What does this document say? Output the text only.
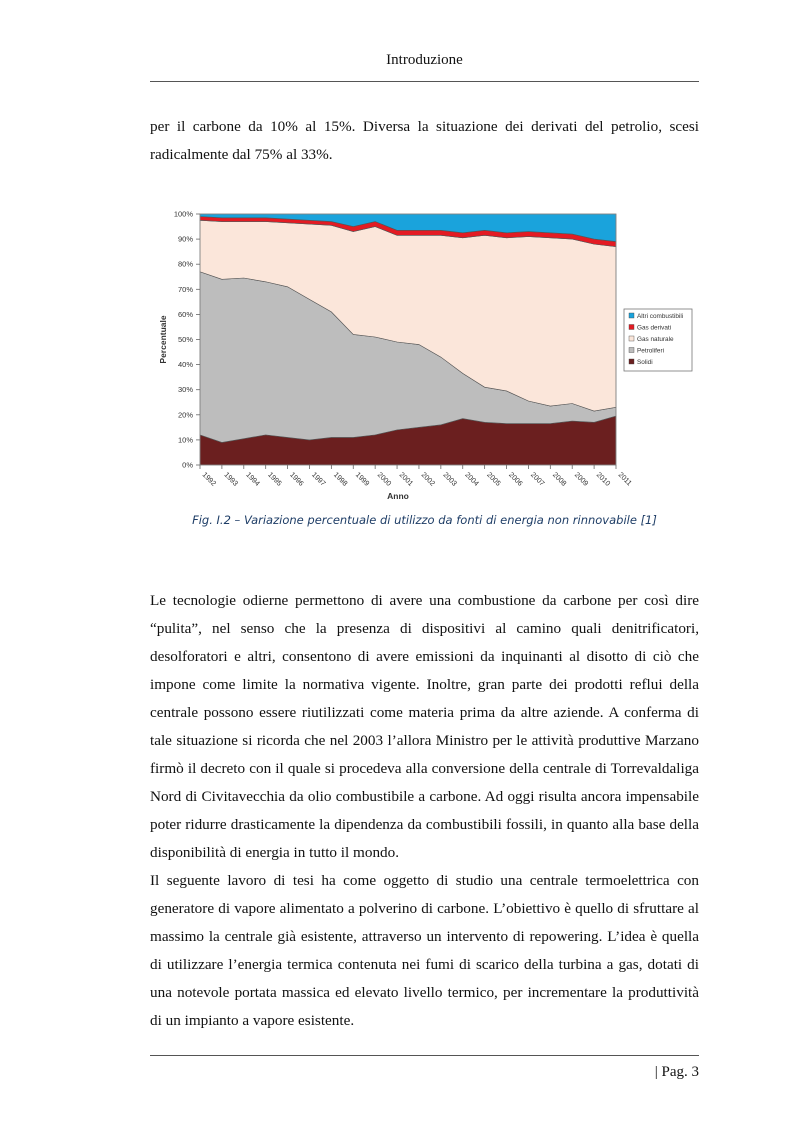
Introduzione

per il carbone da 10% al 15%. Diversa la situazione dei derivati del petrolio, scesi radicalmente dal 75% al 33%.

0%
10%
20%
30%
40%
50%
60%
70%
80%
90%
100%
1992 1993 1994 1995 1996 1997 1998 1999 2000 2001 2002 2003 2004 2005 2006 2007 2008 2009 2010 2011
Anno
Percentuale	Altri combustibili
Gas derivati
Gas naturale
Petroliferi
Solidi
Fig. I.2 – Variazione percentuale di utilizzo da fonti di energia non rinnovabile [1]

Le tecnologie odierne permettono di avere una combustione da carbone per così dire “pulita”, nel senso che la presenza di dispositivi al camino quali denitrificatori, desolforatori e altri, consentono di avere emissioni da inquinanti al disotto di ciò che impone come limite la normativa vigente. Inoltre, gran parte dei prodotti reflui della centrale possono essere riutilizzati come materia prima da altre aziende. A conferma di tale situazione si ricorda che nel 2003 l’allora Ministro per le attività produttive Marzano firmò il decreto con il quale si procedeva alla conversione della centrale di Torrevaldaliga Nord di Civitavecchia da olio combustibile a carbone. Ad oggi risulta ancora impensabile poter ridurre drasticamente la dipendenza da combustibili fossili, in quanto alla base della disponibilità di energia in tutto il mondo.

Il seguente lavoro di tesi ha come oggetto di studio una centrale termoelettrica con generatore di vapore alimentato a polverino di carbone. L’obiettivo è quello di sfruttare al massimo la centrale già esistente, attraverso un intervento di repowering. L’idea è quella di utilizzare l’energia termica contenuta nei fumi di scarico della turbina a gas, dotati di una notevole portata massica ed elevato livello termico, per incrementare la produttività di un impianto a vapore esistente.

| Pag. 3
